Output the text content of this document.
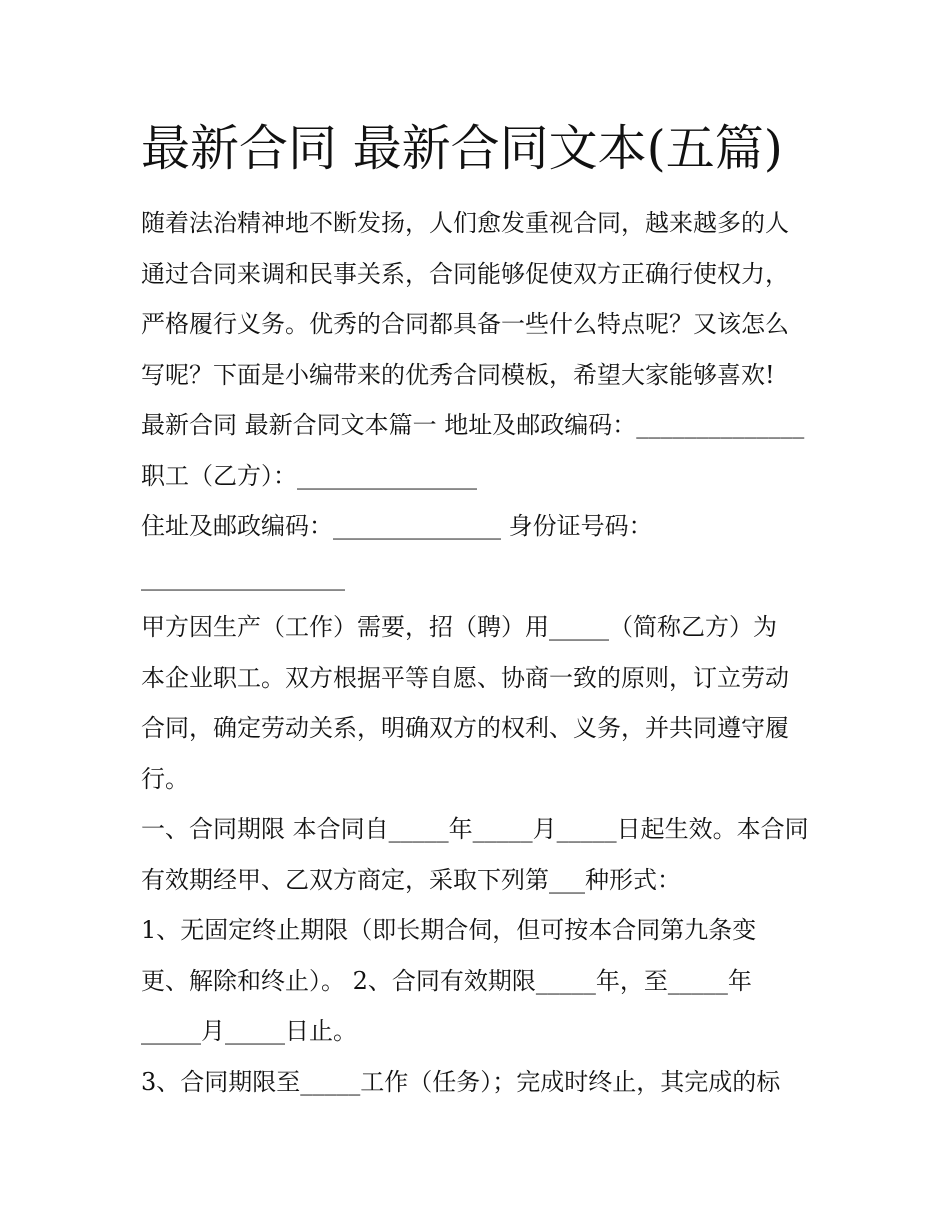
最新合同 最新合同文本(五篇)
随着法治精神地不断发扬，人们愈发重视合同，越来越多的人
通过合同来调和民事关系，合同能够促使双方正确行使权力，
严格履行义务。优秀的合同都具备一些什么特点呢？又该怎么
写呢？下面是小编带来的优秀合同模板，希望大家能够喜欢!
最新合同 最新合同文本篇一 地址及邮政编码：______________
职工（乙方）：_______________
住址及邮政编码：______________ 身份证号码：
_________________
甲方因生产（工作）需要，招（聘）用_____（简称乙方）为
本企业职工。双方根据平等自愿、协商一致的原则，订立劳动
合同，确定劳动关系，明确双方的权利、义务，并共同遵守履
行。
一、合同期限 本合同自_____年_____月_____日起生效。本合同
有效期经甲、乙双方商定，采取下列第___种形式：
1、无固定终止期限（即长期合伺，但可按本合同第九条变
更、解除和终止）。 2、合同有效期限_____年，至_____年
_____月_____日止。
3、合同期限至_____工作（任务）；完成时终止，其完成的标
